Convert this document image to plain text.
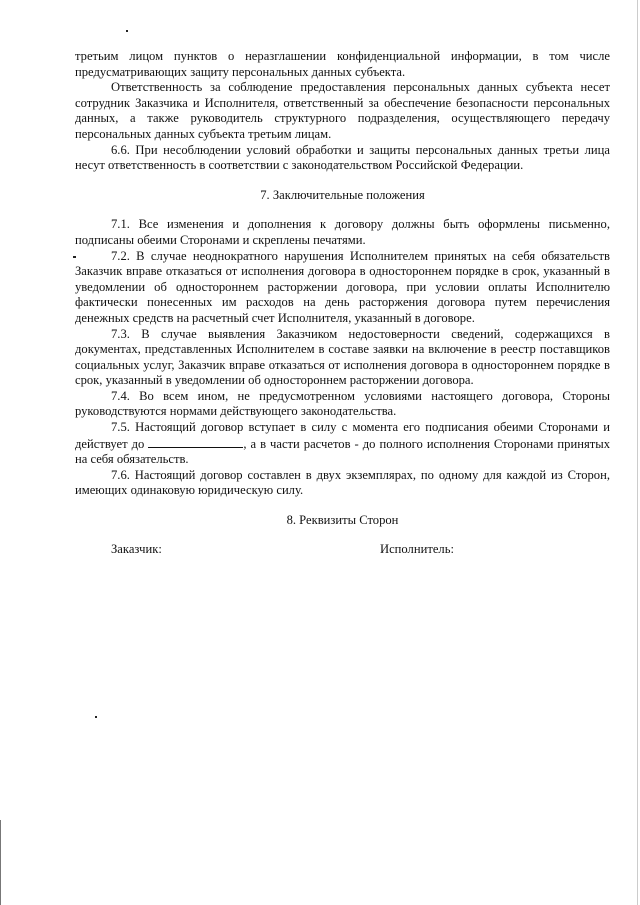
третьим лицом пунктов о неразглашении конфиденциальной информации, в том числе предусматривающих защиту персональных данных субъекта.

Ответственность за соблюдение предоставления персональных данных субъекта несет сотрудник Заказчика и Исполнителя, ответственный за обеспечение безопасности персональных данных, а также руководитель структурного подразделения, осуществляющего передачу персональных данных субъекта третьим лицам.

6.6. При несоблюдении условий обработки и защиты персональных данных третьи лица несут ответственность в соответствии с законодательством Российской Федерации.

7. Заключительные положения

7.1. Все изменения и дополнения к договору должны быть оформлены письменно, подписаны обеими Сторонами и скреплены печатями.

7.2. В случае неоднократного нарушения Исполнителем принятых на себя обязательств Заказчик вправе отказаться от исполнения договора в одностороннем порядке в срок, указанный в уведомлении об одностороннем расторжении договора, при условии оплаты Исполнителю фактически понесенных им расходов на день расторжения договора путем перечисления денежных средств на расчетный счет Исполнителя, указанный в договоре.

7.3. В случае выявления Заказчиком недостоверности сведений, содержащихся в документах, представленных Исполнителем в составе заявки на включение в реестр поставщиков социальных услуг, Заказчик вправе отказаться от исполнения договора в одностороннем порядке в срок, указанный в уведомлении об одностороннем расторжении договора.

7.4. Во всем ином, не предусмотренном условиями настоящего договора, Стороны руководствуются нормами действующего законодательства.

7.5. Настоящий договор вступает в силу с момента его подписания обеими Сторонами и действует до	, а в части расчетов - до полного исполнения Сторонами принятых на себя обязательств.

7.6. Настоящий договор составлен в двух экземплярах, по одному для каждой из Сторон, имеющих одинаковую юридическую силу.

8. Реквизиты Сторон

Заказчик:	Исполнитель:
